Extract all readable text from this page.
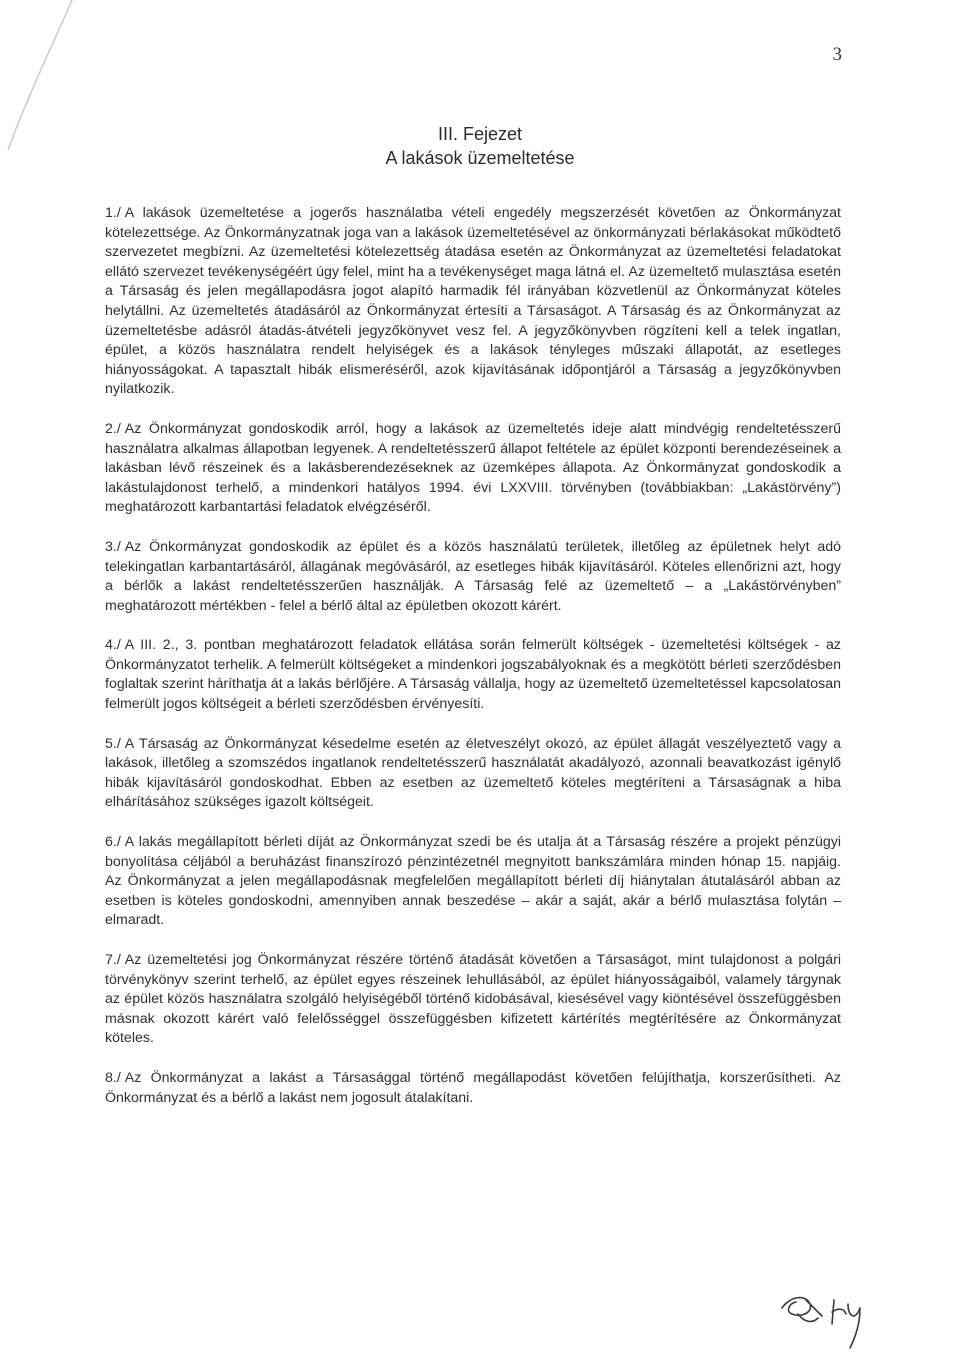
3
III. Fejezet
A lakások üzemeltetése

1./ A lakások üzemeltetése a jogerős használatba vételi engedély megszerzését követően az Önkormányzat kötelezettsége. Az Önkormányzatnak joga van a lakások üzemeltetésével az önkormányzati bérlakásokat működtető szervezetet megbízni. Az üzemeltetési kötelezettség átadása esetén az Önkormányzat az üzemeltetési feladatokat ellátó szervezet tevékenységéért úgy felel, mint ha a tevékenységet maga látná el. Az üzemeltető mulasztása esetén a Társaság és jelen megállapodásra jogot alapító harmadik fél irányában közvetlenül az Önkormányzat köteles helytállni. Az üzemeltetés átadásáról az Önkormányzat értesíti a Társaságot. A Társaság és az Önkormányzat az üzemeltetésbe adásról átadás-átvételi jegyzőkönyvet vesz fel. A jegyzőkönyvben rögzíteni kell a telek ingatlan, épület, a közös használatra rendelt helyiségek és a lakások tényleges műszaki állapotát, az esetleges hiányosságokat. A tapasztalt hibák elismeréséről, azok kijavításának időpontjáról a Társaság a jegyzőkönyvben nyilatkozik.

2./ Az Önkormányzat gondoskodik arról, hogy a lakások az üzemeltetés ideje alatt mindvégig rendeltetésszerű használatra alkalmas állapotban legyenek. A rendeltetésszerű állapot feltétele az épület központi berendezéseinek a lakásban lévő részeinek és a lakásberendezéseknek az üzemképes állapota. Az Önkormányzat gondoskodik a lakástulajdonost terhelő, a mindenkori hatályos 1994. évi LXXVIII. törvényben (továbbiakban: „Lakástörvény”) meghatározott karbantartási feladatok elvégzéséről.

3./ Az Önkormányzat gondoskodik az épület és a közös használatú területek, illetőleg az épületnek helyt adó telekingatlan karbantartásáról, állagának megóvásáról, az esetleges hibák kijavításáról. Köteles ellenőrizni azt, hogy a bérlők a lakást rendeltetésszerűen használják. A Társaság felé az üzemeltető – a „Lakástörvényben” meghatározott mértékben - felel a bérlő által az épületben okozott kárért.

4./ A III. 2., 3. pontban meghatározott feladatok ellátása során felmerült költségek - üzemeltetési költségek - az Önkormányzatot terhelik. A felmerült költségeket a mindenkori jogszabályoknak és a megkötött bérleti szerződésben foglaltak szerint háríthatja át a lakás bérlőjére. A Társaság vállalja, hogy az üzemeltető üzemeltetéssel kapcsolatosan felmerült jogos költségeit a bérleti szerződésben érvényesíti.

5./ A Társaság az Önkormányzat késedelme esetén az életveszélyt okozó, az épület állagát veszélyeztető vagy a lakások, illetőleg a szomszédos ingatlanok rendeltetésszerű használatát akadályozó, azonnali beavatkozást igénylő hibák kijavításáról gondoskodhat. Ebben az esetben az üzemeltető köteles megtéríteni a Társaságnak a hiba elhárításához szükséges igazolt költségeit.

6./ A lakás megállapított bérleti díját az Önkormányzat szedi be és utalja át a Társaság részére a projekt pénzügyi bonyolítása céljából a beruházást finanszírozó pénzintézetnél megnyitott bankszámlára minden hónap 15. napjáig. Az Önkormányzat a jelen megállapodásnak megfelelően megállapított bérleti díj hiánytalan átutalásáról abban az esetben is köteles gondoskodni, amennyiben annak beszedése – akár a saját, akár a bérlő mulasztása folytán – elmaradt.

7./ Az üzemeltetési jog Önkormányzat részére történő átadását követően a Társaságot, mint tulajdonost a polgári törvénykönyv szerint terhelő, az épület egyes részeinek lehullásából, az épület hiányosságaiból, valamely tárgynak az épület közös használatra szolgáló helyiségéből történő kidobásával, kiesésével vagy kiöntésével összefüggésben másnak okozott kárért való felelősséggel összefüggésben kifizetett kártérítés megtérítésére az Önkormányzat köteles.

8./ Az Önkormányzat a lakást a Társasággal történő megállapodást követően felújíthatja, korszerűsítheti. Az Önkormányzat és a bérlő a lakást nem jogosult átalakítani.
